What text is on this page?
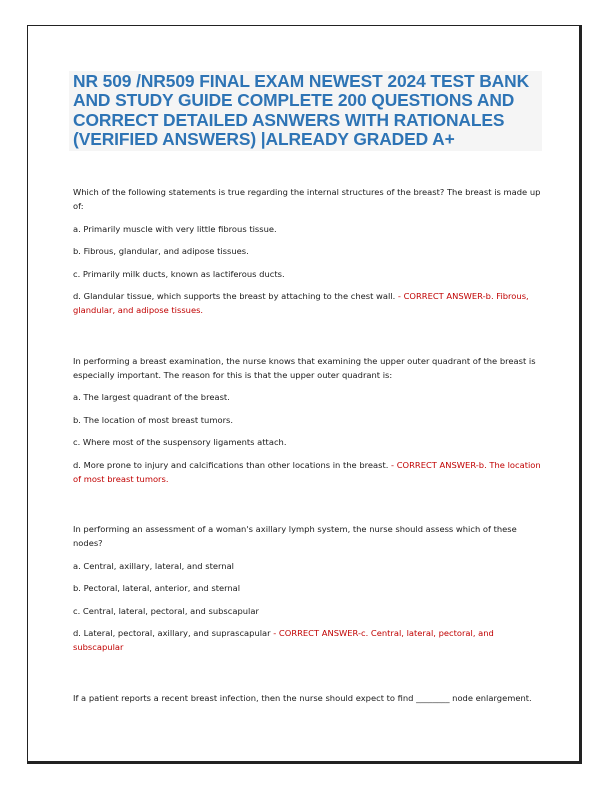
NR 509 /NR509 FINAL EXAM NEWEST 2024 TEST BANK AND STUDY GUIDE COMPLETE 200 QUESTIONS AND CORRECT DETAILED ASNWERS WITH RATIONALES (VERIFIED ANSWERS) |ALREADY GRADED A+

Which of the following statements is true regarding the internal structures of the breast? The breast is made up of:

a. Primarily muscle with very little fibrous tissue.

b. Fibrous, glandular, and adipose tissues.

c. Primarily milk ducts, known as lactiferous ducts.

d. Glandular tissue, which supports the breast by attaching to the chest wall. - CORRECT ANSWER-b. Fibrous, glandular, and adipose tissues.

In performing a breast examination, the nurse knows that examining the upper outer quadrant of the breast is especially important. The reason for this is that the upper outer quadrant is:

a. The largest quadrant of the breast.

b. The location of most breast tumors.

c. Where most of the suspensory ligaments attach.

d. More prone to injury and calcifications than other locations in the breast. - CORRECT ANSWER-b. The location of most breast tumors.

In performing an assessment of a woman's axillary lymph system, the nurse should assess which of these nodes?

a. Central, axillary, lateral, and sternal

b. Pectoral, lateral, anterior, and sternal

c. Central, lateral, pectoral, and subscapular

d. Lateral, pectoral, axillary, and suprascapular - CORRECT ANSWER-c. Central, lateral, pectoral, and subscapular

If a patient reports a recent breast infection, then the nurse should expect to find ________ node enlargement.
